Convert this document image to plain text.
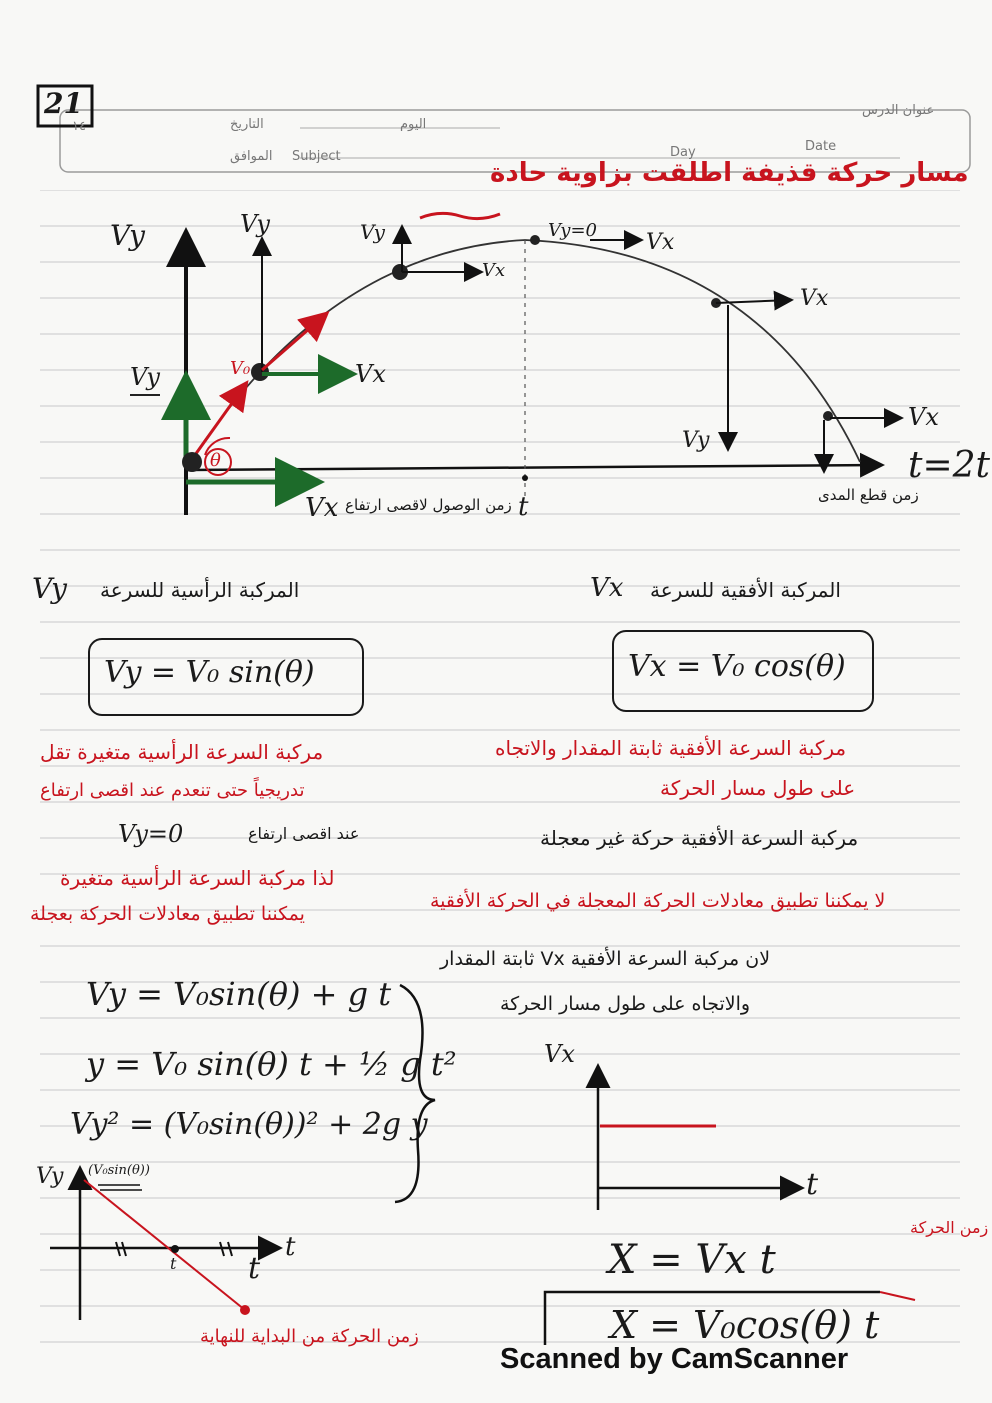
21
١٤	التاريخ
الموافق Subject
اليوم
Day	Date
عنوان الدرس
مسار حركة قذيفة اطلقت بزاوية حادة
Vy	Vy	Vy	Vy=0 Vx
Vx
Vx
Vx
Vx
Vy
Vy	V₀
θ	t=2t
t
Vx زمن الوصول لاقصى ارتفاع
زمن قطع المدى
Vy المركبة الرأسية للسرعة	Vx المركبة الأفقية للسرعة
Vy = V₀ sin(θ)	Vx = V₀ cos(θ)
مركبة السرعة الرأسية متغيرة تقل
تدريجياً حتى تنعدم عند اقصى ارتفاع
Vy=0	عند اقصى ارتفاع
لذا مركبة السرعة الرأسية متغيرة
يمكننا تطبيق معادلات الحركة بعجلة
مركبة السرعة الأفقية ثابتة المقدار والاتجاه
على طول مسار الحركة
مركبة السرعة الأفقية حركة غير معجلة
لا يمكننا تطبيق معادلات الحركة المعجلة في الحركة الأفقية
لان مركبة السرعة الأفقية Vx ثابتة المقدار
والاتجاه على طول مسار الحركة
Vy = V₀sin(θ) + g t
y = V₀ sin(θ) t + ½ g t²
Vy² = (V₀sin(θ))² + 2g y
Vy (V₀sin(θ))
t
t t
زمن الحركة من البداية للنهاية
Vx
t
زمن الحركة
X = Vx t
X = V₀cos(θ) t
Scanned by CamScanner
